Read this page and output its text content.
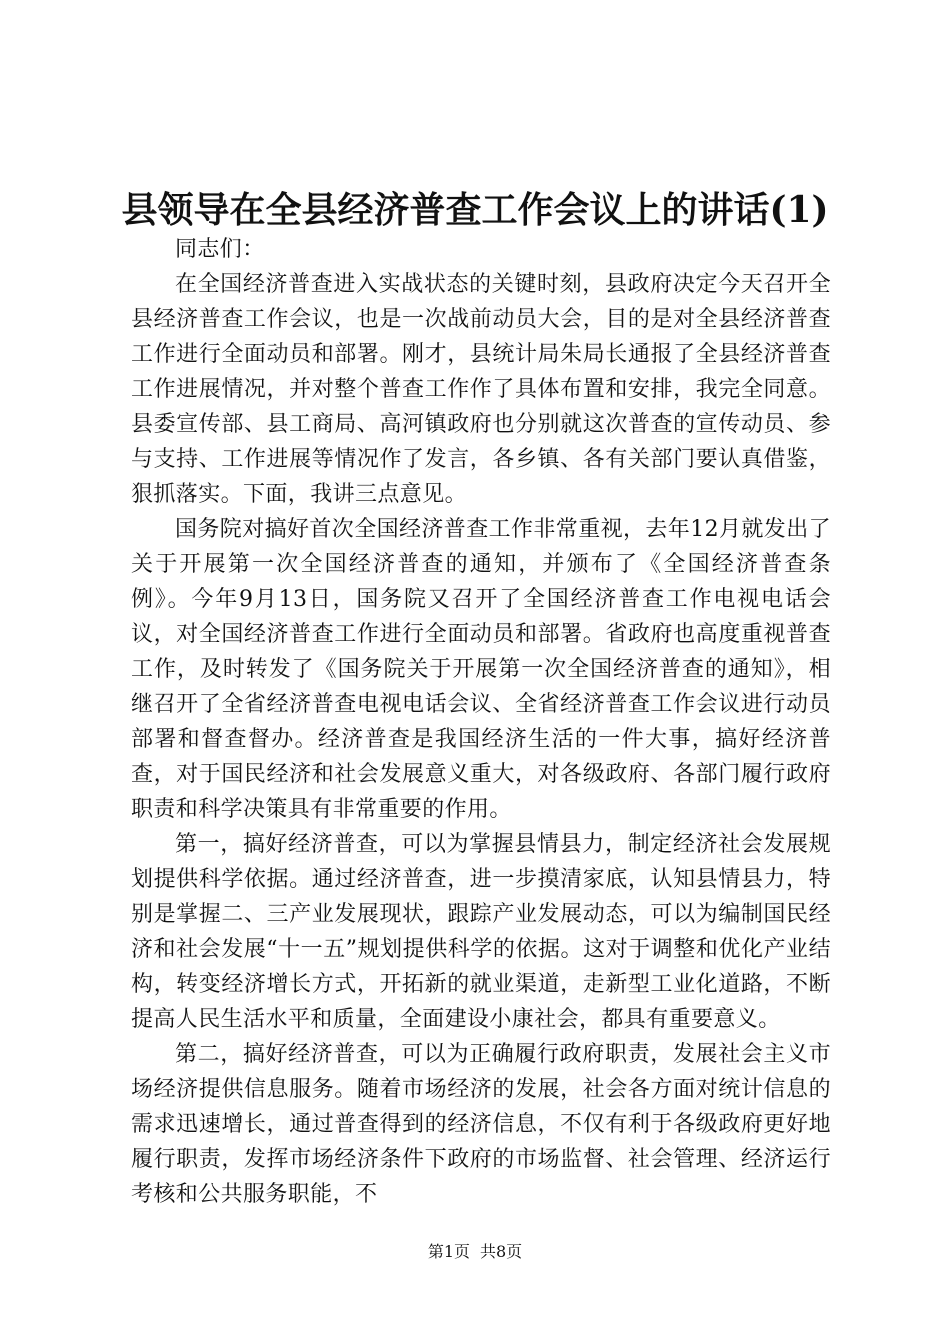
县领导在全县经济普查工作会议上的讲话(1)

同志们：

在全国经济普查进入实战状态的关键时刻，县政府决定今天召开全县经济普查工作会议，也是一次战前动员大会，目的是对全县经济普查工作进行全面动员和部署。刚才，县统计局朱局长通报了全县经济普查工作进展情况，并对整个普查工作作了具体布置和安排，我完全同意。县委宣传部、县工商局、高河镇政府也分别就这次普查的宣传动员、参与支持、工作进展等情况作了发言，各乡镇、各有关部门要认真借鉴，狠抓落实。下面，我讲三点意见。

国务院对搞好首次全国经济普查工作非常重视，去年12月就发出了关于开展第一次全国经济普查的通知，并颁布了《全国经济普查条例》。今年9月13日，国务院又召开了全国经济普查工作电视电话会议，对全国经济普查工作进行全面动员和部署。省政府也高度重视普查工作，及时转发了《国务院关于开展第一次全国经济普查的通知》，相继召开了全省经济普查电视电话会议、全省经济普查工作会议进行动员部署和督查督办。经济普查是我国经济生活的一件大事，搞好经济普查，对于国民经济和社会发展意义重大，对各级政府、各部门履行政府职责和科学决策具有非常重要的作用。

第一，搞好经济普查，可以为掌握县情县力，制定经济社会发展规划提供科学依据。通过经济普查，进一步摸清家底，认知县情县力，特别是掌握二、三产业发展现状，跟踪产业发展动态，可以为编制国民经济和社会发展“十一五”规划提供科学的依据。这对于调整和优化产业结构，转变经济增长方式，开拓新的就业渠道，走新型工业化道路，不断提高人民生活水平和质量，全面建设小康社会，都具有重要意义。

第二，搞好经济普查，可以为正确履行政府职责，发展社会主义市场经济提供信息服务。随着市场经济的发展，社会各方面对统计信息的需求迅速增长，通过普查得到的经济信息，不仅有利于各级政府更好地履行职责，发挥市场经济条件下政府的市场监督、社会管理、经济运行考核和公共服务职能，不

第1页 共8页
